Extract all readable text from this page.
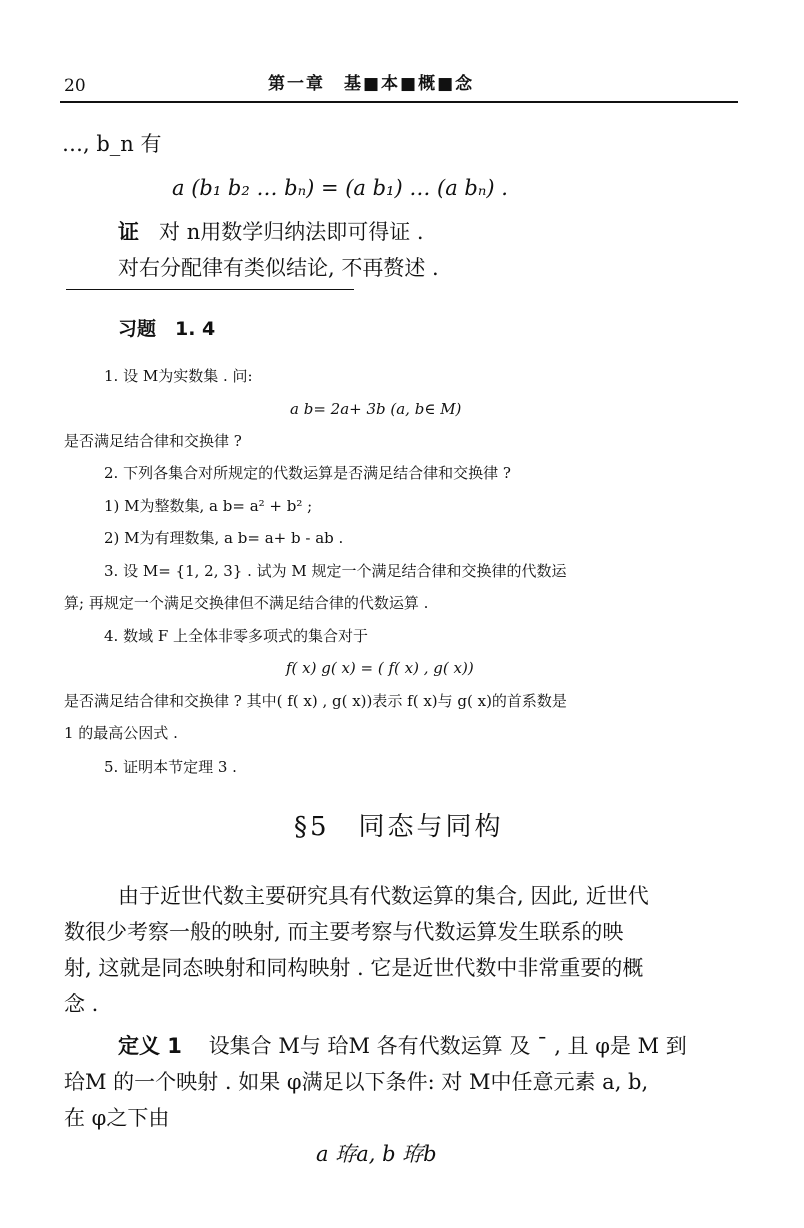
20	第一章　基■本■概■念
…, b_n 有
a (b₁ b₂ … bₙ) = (a b₁) … (a bₙ) .
证 对 n用数学归纳法即可得证 .
对右分配律有类似结论, 不再赘述 .
习题　1. 4
1. 设 M为实数集 . 问:
a b= 2a+ 3b (a, b∈ M)
是否满足结合律和交换律 ?
2. 下列各集合对所规定的代数运算是否满足结合律和交换律 ?
1) M为整数集, a b= a² + b² ;
2) M为有理数集, a b= a+ b - ab .
3. 设 M= {1, 2, 3} . 试为 M 规定一个满足结合律和交换律的代数运
算; 再规定一个满足交换律但不满足结合律的代数运算 .
4. 数域 F 上全体非零多项式的集合对于
f( x) g( x) = ( f( x) , g( x))
是否满足结合律和交换律 ? 其中( f( x) , g( x))表示 f( x)与 g( x)的首系数是
1 的最高公因式 .
5. 证明本节定理 3 .
§5　同态与同构
由于近世代数主要研究具有代数运算的集合, 因此, 近世代
数很少考察一般的映射, 而主要考察与代数运算发生联系的映
射, 这就是同态映射和同构映射 . 它是近世代数中非常重要的概
念 .
定义 1 设集合 M与 珨M 各有代数运算 及 ¯ , 且 φ是 M 到
珨M 的一个映射 . 如果 φ满足以下条件: 对 M中任意元素 a, b,
在 φ之下由
a 珔a, b 珔b
